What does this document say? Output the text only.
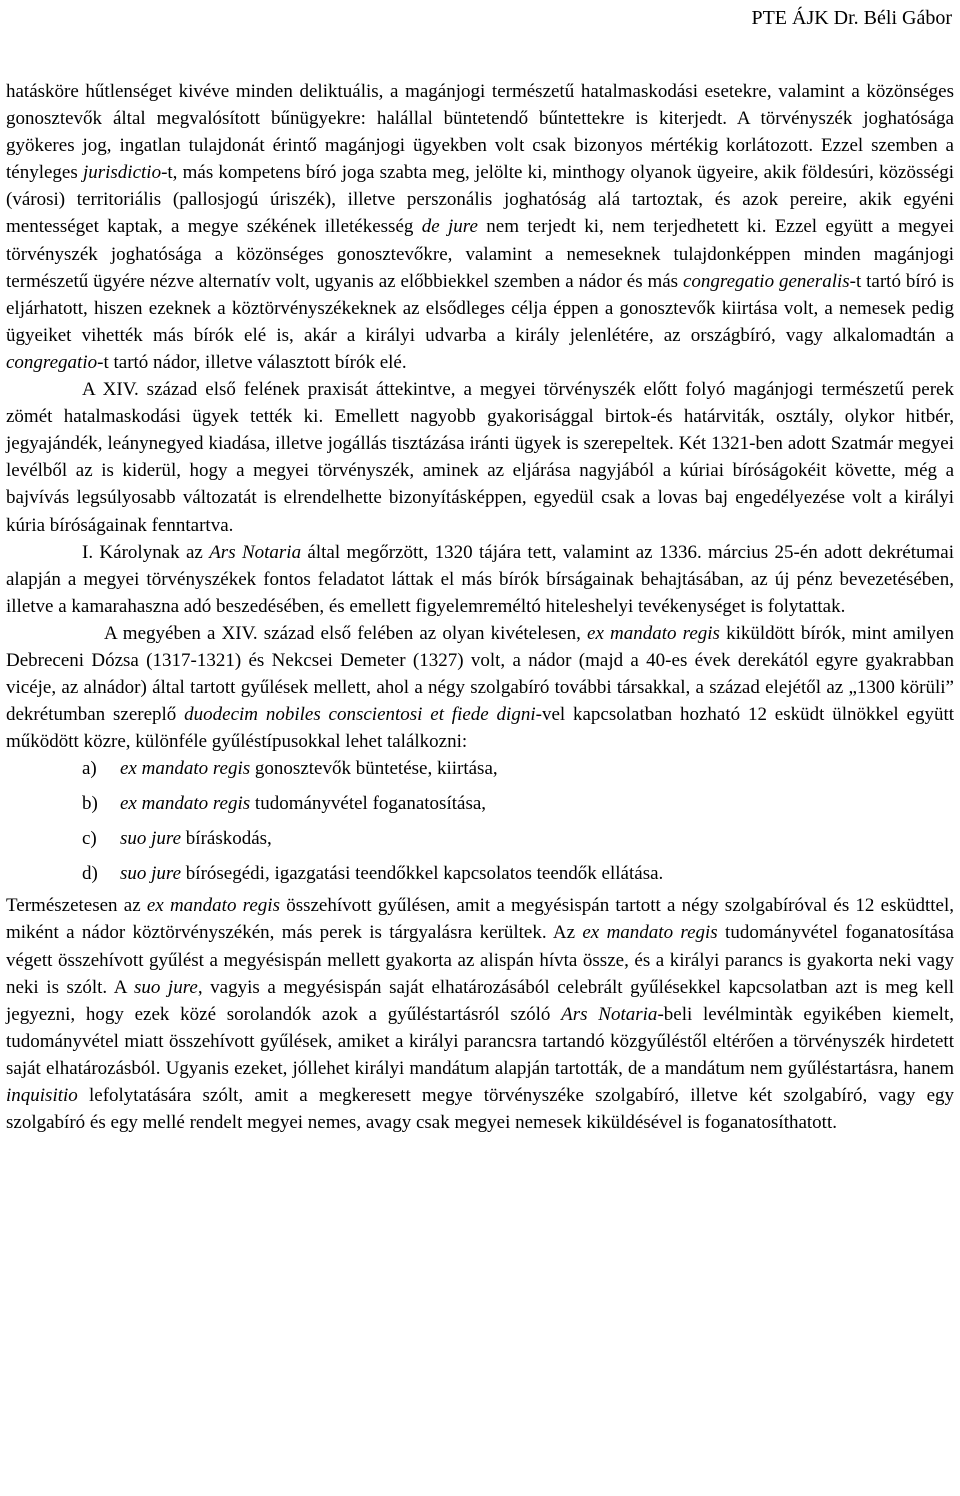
PTE ÁJK Dr. Béli Gábor

hatásköre hűtlenséget kivéve minden deliktuális, a magánjogi természetű hatalmaskodási esetekre, valamint a közönséges gonosztevők által megvalósított bűnügyekre: halállal büntetendő bűntettekre is kiterjedt. A törvényszék joghatósága gyökeres jog, ingatlan tulajdonát érintő magánjogi ügyekben volt csak bizonyos mértékig korlátozott. Ezzel szemben a tényleges jurisdictio-t, más kompetens bíró joga szabta meg, jelölte ki, minthogy olyanok ügyeire, akik földesúri, közösségi (városi) territoriális (pallosjogú úriszék), illetve perszonális joghatóság alá tartoztak, és azok pereire, akik egyéni mentességet kaptak, a megye székének illetékesség de jure nem terjedt ki, nem terjedhetett ki. Ezzel együtt a megyei törvényszék joghatósága a közönséges gonosztevőkre, valamint a nemeseknek tulajdonképpen minden magánjogi természetű ügyére nézve alternatív volt, ugyanis az előbbiekkel szemben a nádor és más congregatio generalis-t tartó bíró is eljárhatott, hiszen ezeknek a köztörvényszékeknek az elsődleges célja éppen a gonosztevők kiirtása volt, a nemesek pedig ügyeiket vihették más bírók elé is, akár a királyi udvarba a király jelenlétére, az országbíró, vagy alkalomadtán a congregatio-t tartó nádor, illetve választott bírók elé.

A XIV. század első felének praxisát áttekintve, a megyei törvényszék előtt folyó magánjogi természetű perek zömét hatalmaskodási ügyek tették ki. Emellett nagyobb gyakorisággal birtok-és határviták, osztály, olykor hitbér, jegyajándék, leánynegyed kiadása, illetve jogállás tisztázása iránti ügyek is szerepeltek. Két 1321-ben adott Szatmár megyei levélből az is kiderül, hogy a megyei törvényszék, aminek az eljárása nagyjából a kúriai bíróságokéit követte, még a bajvívás legsúlyosabb változatát is elrendelhette bizonyításképpen, egyedül csak a lovas baj engedélyezése volt a királyi kúria bíróságainak fenntartva.

I. Károlynak az Ars Notaria által megőrzött, 1320 tájára tett, valamint az 1336. március 25-én adott dekrétumai alapján a megyei törvényszékek fontos feladatot láttak el más bírók bírságainak behajtásában, az új pénz bevezetésében, illetve a kamarahaszna adó beszedésében, és emellett figyelemreméltó hiteleshelyi tevékenységet is folytattak.

A megyében a XIV. század első felében az olyan kivételesen, ex mandato regis kiküldött bírók, mint amilyen Debreceni Dózsa (1317-1321) és Nekcsei Demeter (1327) volt, a nádor (majd a 40-es évek derekától egyre gyakrabban vicéje, az alnádor) által tartott gyűlések mellett, ahol a négy szolgabíró további társakkal, a század elejétől az „1300 körüli” dekrétumban szereplő duodecim nobiles conscientosi et fiede digni-vel kapcsolatban hozható 12 esküdt ülnökkel együtt működött közre, különféle gyűléstípusokkal lehet találkozni:

a) ex mandato regis gonosztevők büntetése, kiirtása,
b) ex mandato regis tudományvétel foganatosítása,
c) suo jure bíráskodás,
d) suo jure bírósegédi, igazgatási teendőkkel kapcsolatos teendők ellátása.

Természetesen az ex mandato regis összehívott gyűlésen, amit a megyésispán tartott a négy szolgabíróval és 12 esküdttel, miként a nádor köztörvényszékén, más perek is tárgyalásra kerültek. Az ex mandato regis tudományvétel foganatosítása végett összehívott gyűlést a megyésispán mellett gyakorta az alispán hívta össze, és a királyi parancs is gyakorta neki vagy neki is szólt. A suo jure, vagyis a megyésispán saját elhatározásából celebrált gyűlésekkel kapcsolatban azt is meg kell jegyezni, hogy ezek közé sorolandók azok a gyűléstartásról szóló Ars Notaria-beli levélmintàk egyikében kiemelt, tudományvétel miatt összehívott gyűlések, amiket a királyi parancsra tartandó közgyűléstől eltérően a törvényszék hirdetett saját elhatározásból. Ugyanis ezeket, jóllehet királyi mandátum alapján tartották, de a mandátum nem gyűléstartásra, hanem inquisitio lefolytatására szólt, amit a megkeresett megye törvényszéke szolgabíró, illetve két szolgabíró, vagy egy szolgabíró és egy mellé rendelt megyei nemes, avagy csak megyei nemesek kiküldésével is foganatosíthatott.
